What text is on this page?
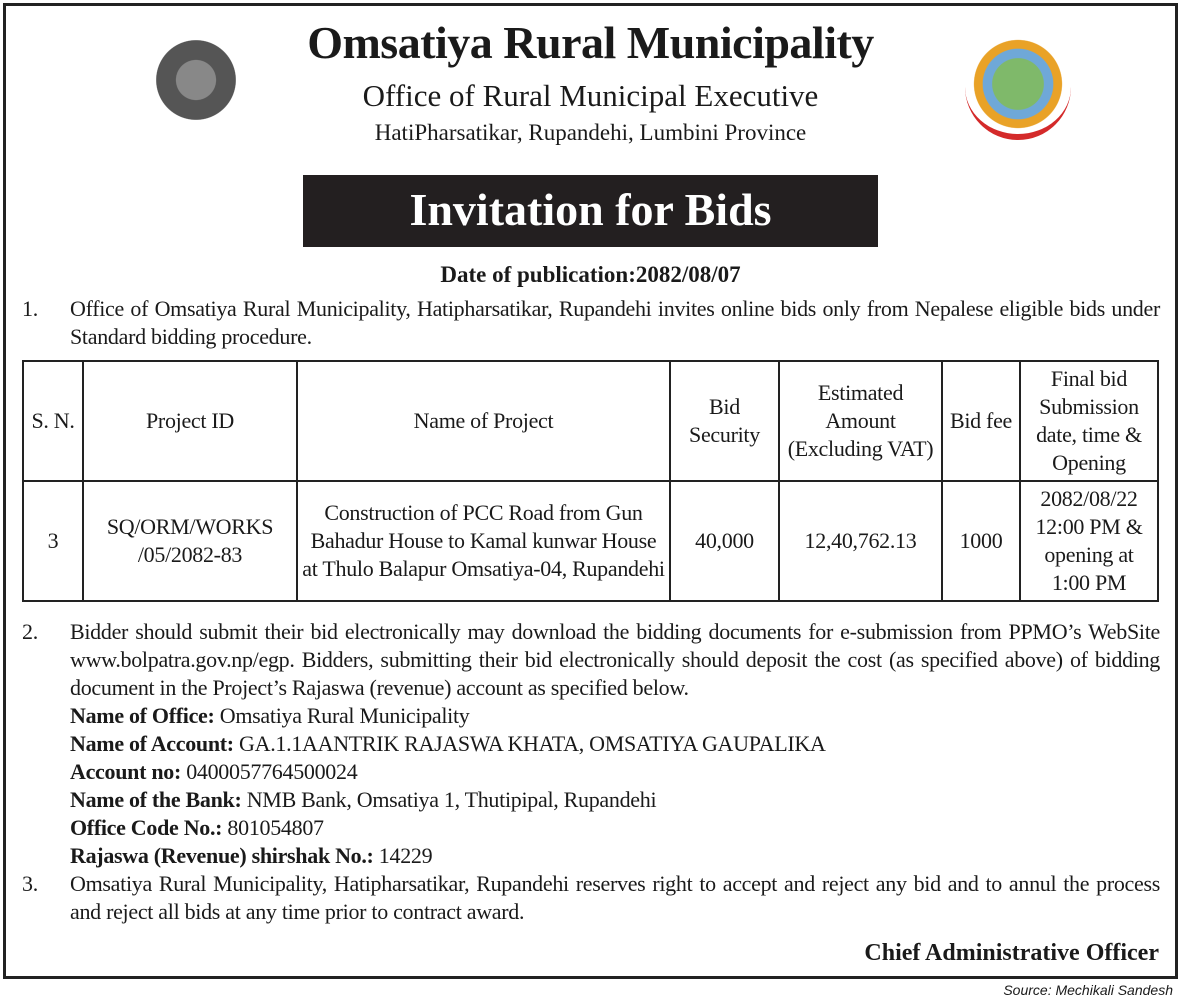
Omsatiya Rural Municipality
Office of Rural Municipal Executive
HatiPharsatikar, Rupandehi, Lumbini Province
Invitation for Bids
Date of publication:2082/08/07
1. Office of Omsatiya Rural Municipality, Hatipharsatikar, Rupandehi invites online bids only from Nepalese eligible bids under Standard bidding procedure.
S. N.	Project ID	Name of Project	Bid Security	Estimated Amount (Excluding VAT)	Bid fee	Final bid Submission date, time & Opening
3	SQ/ORM/WORKS /05/2082-83	Construction of PCC Road from Gun Bahadur House to Kamal kunwar House at Thulo Balapur Omsatiya-04, Rupandehi	40,000	12,40,762.13	1000	2082/08/22 12:00 PM & opening at 1:00 PM
2. Bidder should submit their bid electronically may download the bidding documents for e-submission from PPMO’s WebSite www.bolpatra.gov.np/egp. Bidders, submitting their bid electronically should deposit the cost (as specified above) of bidding document in the Project’s Rajaswa (revenue) account as specified below.
Name of Office: Omsatiya Rural Municipality
Name of Account: GA.1.1AANTRIK RAJASWA KHATA, OMSATIYA GAUPALIKA
Account no: 0400057764500024
Name of the Bank: NMB Bank, Omsatiya 1, Thutipipal, Rupandehi
Office Code No.: 801054807
Rajaswa (Revenue) shirshak No.: 14229
3. Omsatiya Rural Municipality, Hatipharsatikar, Rupandehi reserves right to accept and reject any bid and to annul the process and reject all bids at any time prior to contract award.
Chief Administrative Officer
Source: Mechikali Sandesh
